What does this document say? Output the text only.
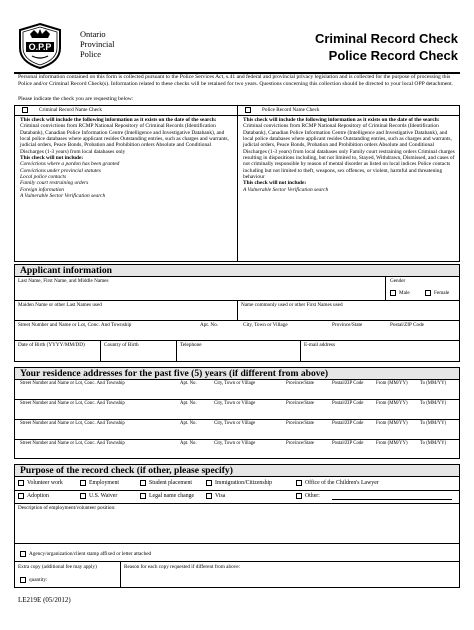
O.P.P
Ontario
Provincial
Police
Criminal Record Check
Police Record Check
Personal information contained on this form is collected pursuant to the Police Services Act, s.41 and federal and provincial privacy legislation and is collected for the purpose of processing this Police and/or Criminal Record Check(s). Information related to these checks will be retained for two years. Questions concerning this collection should be directed to your local OPP detachment.
Please indicate the check you are requesting below:
Criminal Record Name Check	Police Record Name Check
This check will include the following information as it exists on the date of the search:
Criminal convictions from RCMP National Repository of Criminal Records (Identification Databank), Canadian Police Information Centre (Intelligence and Investigative Databank), and local police databases where applicant resides Outstanding entries, such as charges and warrants, judicial orders, Peace Bonds, Probation and Prohibition orders Absolute and Conditional Discharges (1-3 years) from local databases only
This check will not include:
Convictions where a pardon has been granted
Convictions under provincial statutes
Local police contacts
Family court restraining orders
Foreign information
A Vulnerable Sector Verification search
This check will include the following information as it exists on the date of the search:
Criminal convictions from RCMP National Repository of Criminal Records (Identification Databank), Canadian Police Information Centre (Intelligence and Investigative Databank), and local police databases where applicant resides Outstanding entries, such as charges and warrants, judicial orders, Peace Bonds, Probation and Prohibition orders Absolute and Conditional Discharges (1-3 years) from local databases only Family court restraining orders Criminal charges resulting in dispositions including, but not limited to, Stayed, Withdrawn, Dismissed, and cases of not criminally responsible by reason of mental disorder as listed on local indices Police contacts including but not limited to theft, weapons, sex offences, or violent, harmful and threatening behaviour
This check will not include:
A Vulnerable Sector Verification search
Applicant information
Last Name, First Name, and Middle Names	Gender
Male	Female
Maiden Name or other Last Names used	Name commonly used or other First Names used
Street Number and Name or Lot, Conc. And Township	Apt. No.	City, Town or Village	Province/State	Postal/ZIP Code
Date of Birth (YYYY/MM/DD)	Country of Birth	Telephone	E-mail address
Your residence addresses for the past five (5) years (if different from above)
Street Number and Name or Lot, Conc. And Township	Apt. No.	City, Town or Village	Province/State	Postal/ZIP Code	From (MM/YY)	To (MM/YY)
Street Number and Name or Lot, Conc. And Township	Apt. No.	City, Town or Village	Province/State	Postal/ZIP Code	From (MM/YY)	To (MM/YY)
Street Number and Name or Lot, Conc. And Township	Apt. No.	City, Town or Village	Province/State	Postal/ZIP Code	From (MM/YY)	To (MM/YY)
Street Number and Name or Lot, Conc. And Township	Apt. No.	City, Town or Village	Province/State	Postal/ZIP Code	From (MM/YY)	To (MM/YY)
Purpose of the record check (if other, please specify)
Volunteer work	Employment	Student placement	Immigration/Citizenship	Office of the Children's Lawyer
Adoption	U.S. Waiver	Legal name change	Visa	Other:
Description of employment/volunteer position:
Agency/organization/client stamp affixed or letter attached
Extra copy (additional fee may apply)	Reason for each copy requested if different from above:
quantity:
LE219E (05/2012)
